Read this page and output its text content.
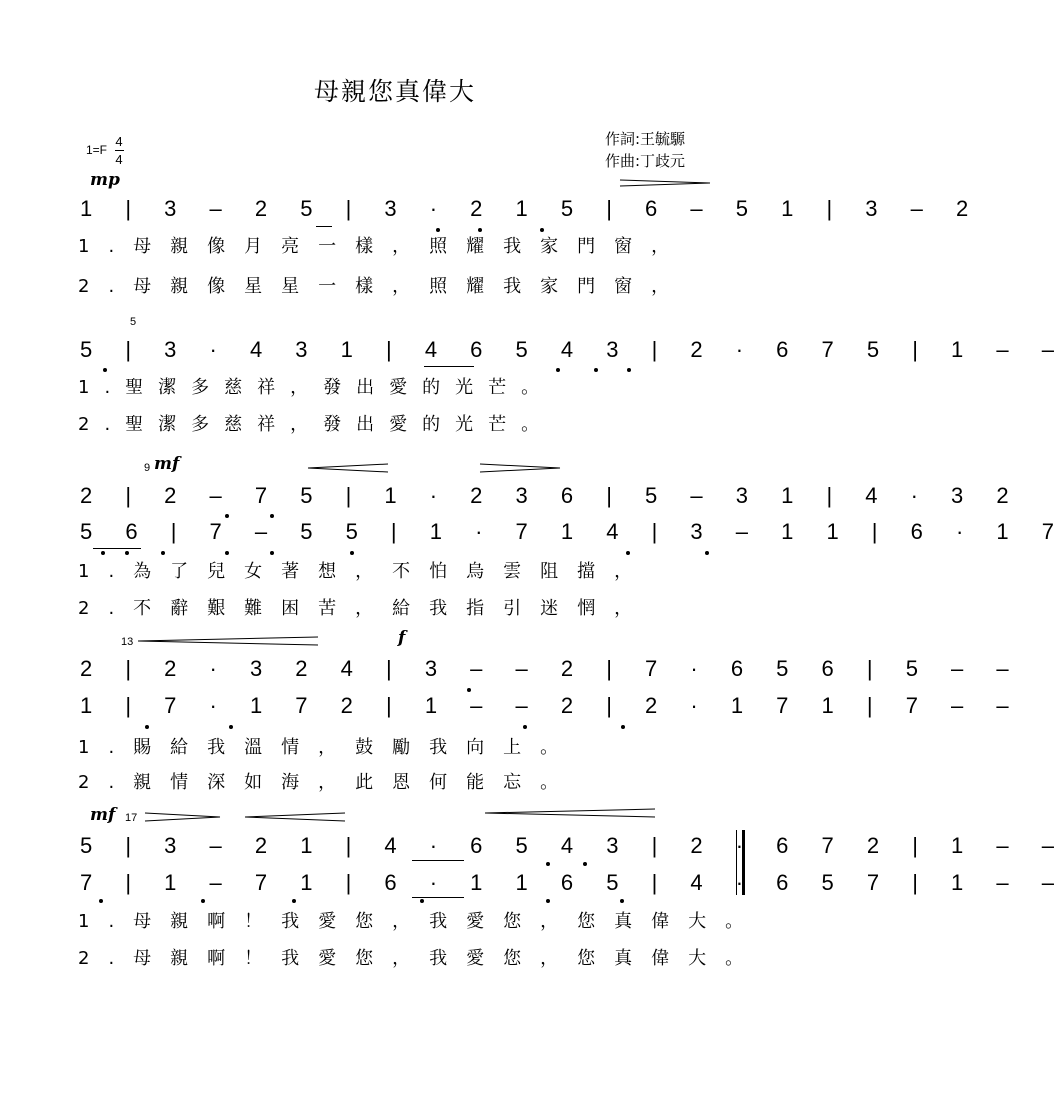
母親您真偉大
作詞:王毓騵
作曲:丁歧元
1=F
4
4
mp
1 | 3 – 2 5 | 3 · 2 1 5 | 6 – 5 1 | 3 – 2
1.母親像月亮一樣，照耀我家門窗，
2.母親像星星一樣，照耀我家門窗，
5
5 | 3 · 4 3 1 | 4 6 5 4 3 | 2 · 6 7 5 | 1 – –
1.聖潔多慈祥，發出愛的光芒。
2.聖潔多慈祥，發出愛的光芒。
9 mf
2 | 2 – 7 5 | 1 · 2 3 6 | 5 – 3 1 | 4 · 3 2
5 6 | 7 – 5 5 | 1 · 7 1 4 | 3 – 1 1 | 6 · 1 7
1.為了兒女著想，不怕烏雲阻擋，
2.不辭艱難困苦，給我指引迷惘，
13	f
2 | 2 · 3 2 4 | 3 – – 2 | 7 · 6 5 6 | 5 – –
1 | 7 · 1 7 2 | 1 – – 2 | 2 · 1 7 1 | 7 – –
1.賜給我溫情，鼓勵我向上。
2.親情深如海，此恩何能忘。
mf 17
5 | 3 – 2 1 | 4 · 6 5 4 3 | 2 · 6 7 2 | 1 – –
7 | 1 – 7 1 | 6 · 1 1 6 5 | 4 · 6 5 7 | 1 – –
1.母親啊！我愛您，我愛您，您真偉大。
2.母親啊！我愛您，我愛您，您真偉大。
